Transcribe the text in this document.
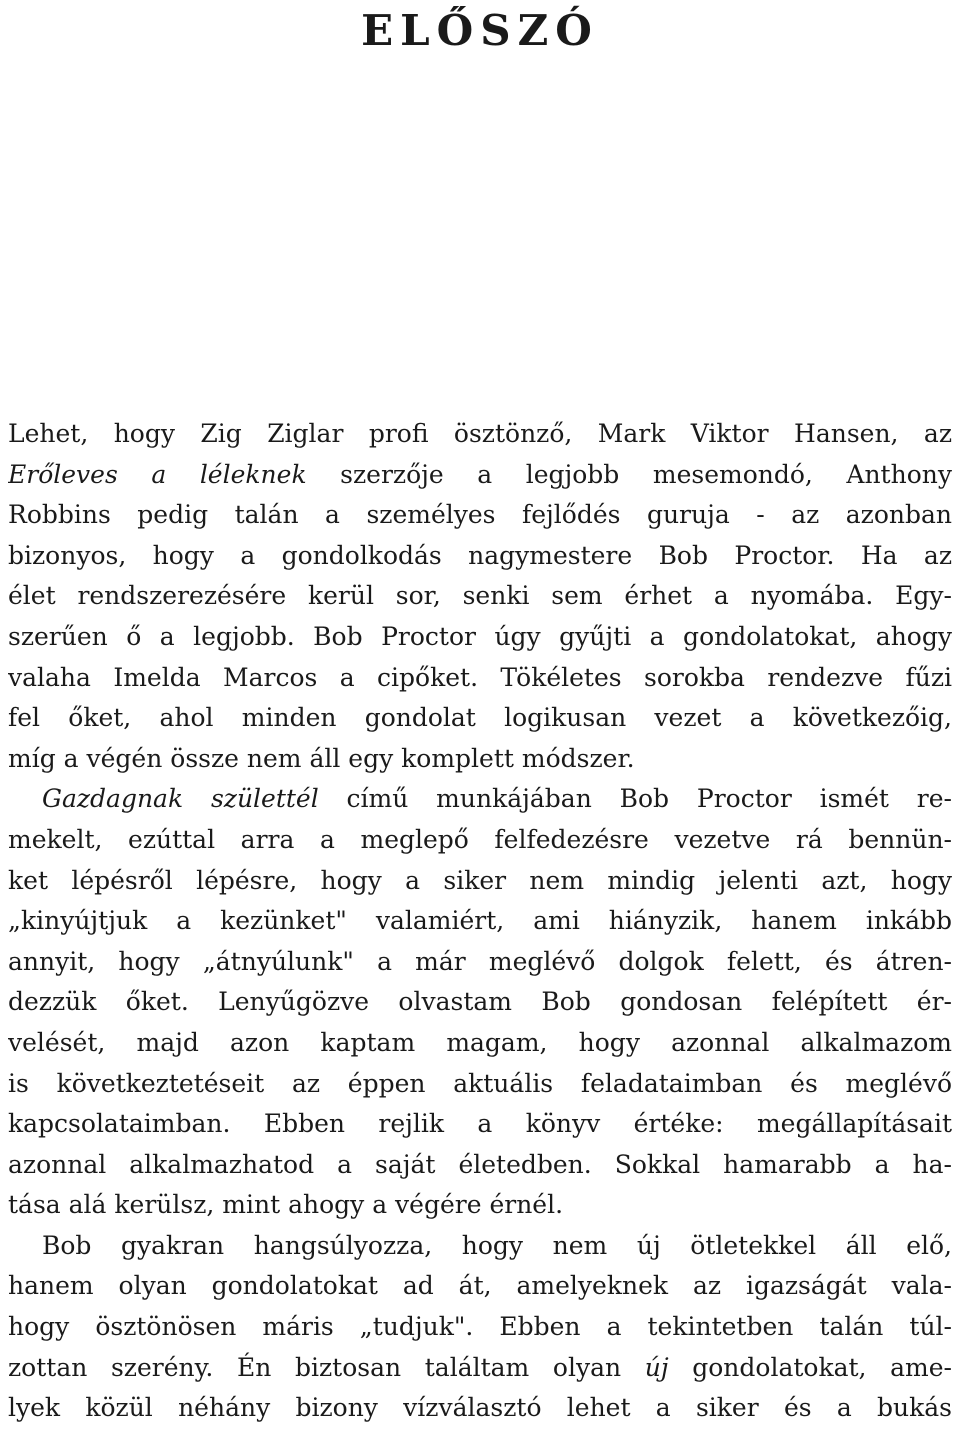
ELŐSZÓ
Lehet, hogy Zig Ziglar profi ösztönző, Mark Viktor Hansen, az
Erőleves a léleknek szerzője a legjobb mesemondó, Anthony
Robbins pedig talán a személyes fejlődés guruja - az azonban
bizonyos, hogy a gondolkodás nagymestere Bob Proctor. Ha az
élet rendszerezésére kerül sor, senki sem érhet a nyomába. Egy-
szerűen ő a legjobb. Bob Proctor úgy gyűjti a gondolatokat, ahogy
valaha Imelda Marcos a cipőket. Tökéletes sorokba rendezve fűzi
fel őket, ahol minden gondolat logikusan vezet a következőig,
míg a végén össze nem áll egy komplett módszer.
Gazdagnak születtél című munkájában Bob Proctor ismét re-
mekelt, ezúttal arra a meglepő felfedezésre vezetve rá bennün-
ket lépésről lépésre, hogy a siker nem mindig jelenti azt, hogy
„kinyújtjuk a kezünket" valamiért, ami hiányzik, hanem inkább
annyit, hogy „átnyúlunk" a már meglévő dolgok felett, és átren-
dezzük őket. Lenyűgözve olvastam Bob gondosan felépített ér-
velését, majd azon kaptam magam, hogy azonnal alkalmazom
is következtetéseit az éppen aktuális feladataimban és meglévő
kapcsolataimban. Ebben rejlik a könyv értéke: megállapításait
azonnal alkalmazhatod a saját életedben. Sokkal hamarabb a ha-
tása alá kerülsz, mint ahogy a végére érnél.
Bob gyakran hangsúlyozza, hogy nem új ötletekkel áll elő,
hanem olyan gondolatokat ad át, amelyeknek az igazságát vala-
hogy ösztönösen máris „tudjuk". Ebben a tekintetben talán túl-
zottan szerény. Én biztosan találtam olyan új gondolatokat, ame-
lyek közül néhány bizony vízválasztó lehet a siker és a bukás
